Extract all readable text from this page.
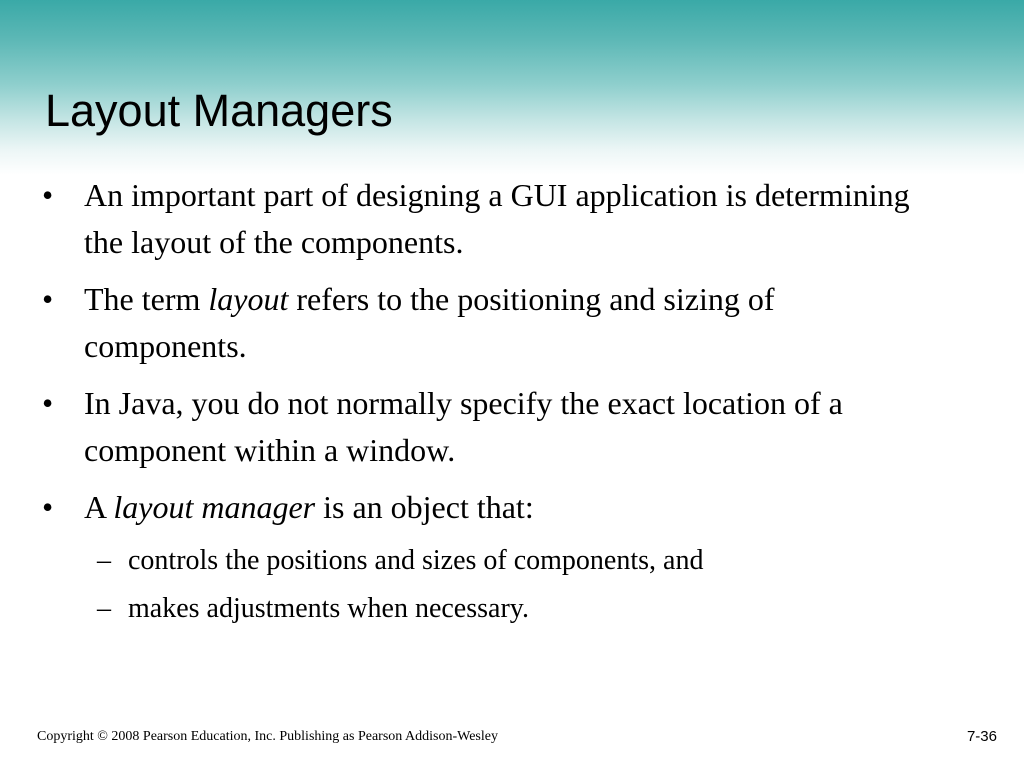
Layout Managers
• An important part of designing a GUI application is determining the layout of the components.
• The term layout refers to the positioning and sizing of components.
• In Java, you do not normally specify the exact location of a component within a window.
• A layout manager is an object that:
– controls the positions and sizes of components, and
– makes adjustments when necessary.
Copyright © 2008 Pearson Education, Inc. Publishing as Pearson Addison-Wesley	7-36
